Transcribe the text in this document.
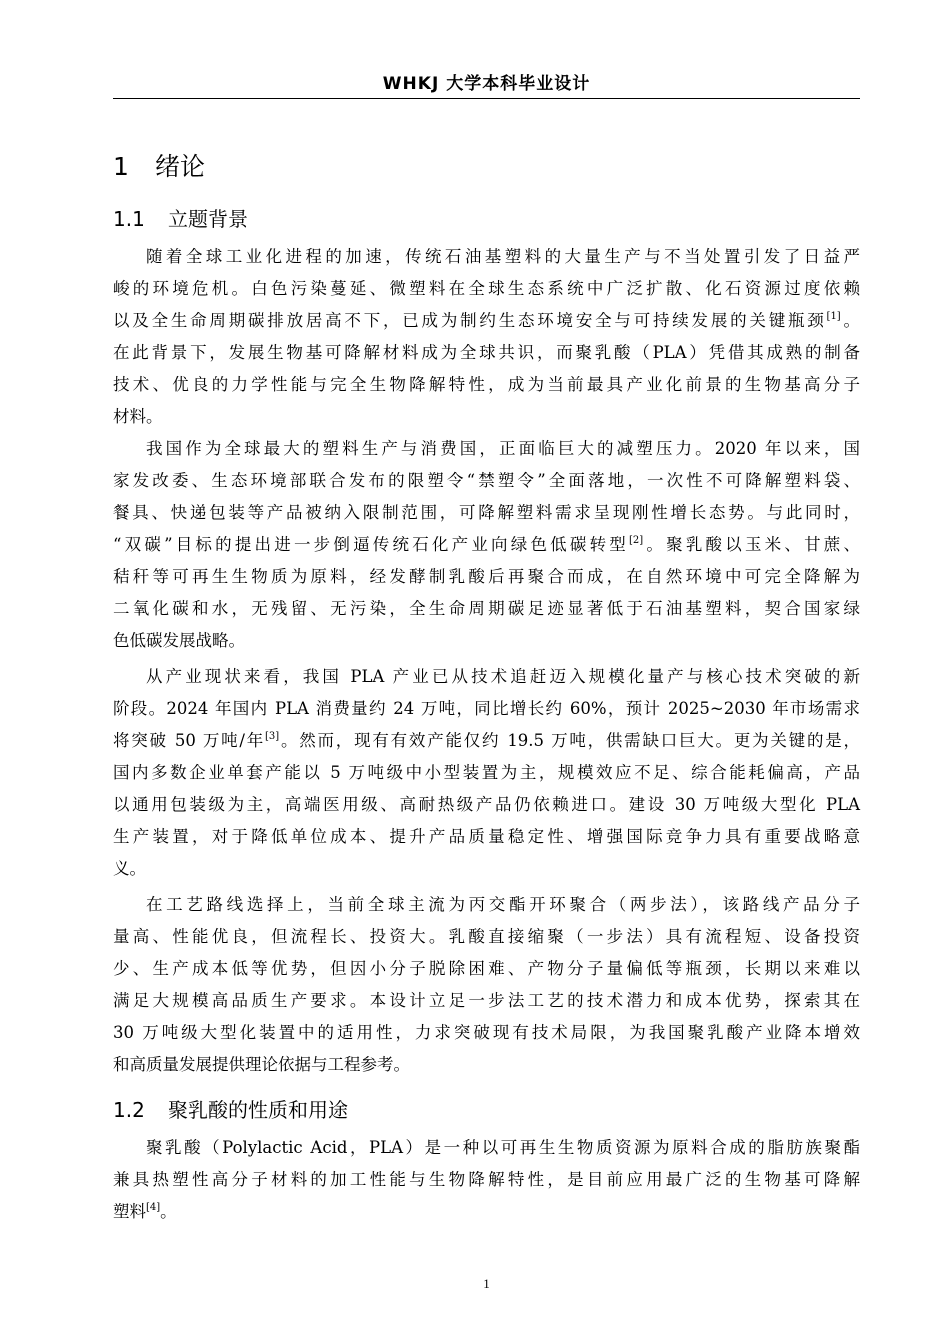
WHKJ 大学本科毕业设计
1 绪论
1.1 立题背景

随着全球工业化进程的加速，传统石油基塑料的大量生产与不当处置引发了日益严
峻的环境危机。白色污染蔓延、微塑料在全球生态系统中广泛扩散、化石资源过度依赖
以及全生命周期碳排放居高不下，已成为制约生态环境安全与可持续发展的关键瓶颈[1]。
在此背景下，发展生物基可降解材料成为全球共识，而聚乳酸（PLA）凭借其成熟的制备
技术、优良的力学性能与完全生物降解特性，成为当前最具产业化前景的生物基高分子
材料。

我国作为全球最大的塑料生产与消费国，正面临巨大的减塑压力。2020 年以来，国
家发改委、生态环境部联合发布的限塑令“禁塑令”全面落地，一次性不可降解塑料袋、
餐具、快递包装等产品被纳入限制范围，可降解塑料需求呈现刚性增长态势。与此同时，
“双碳”目标的提出进一步倒逼传统石化产业向绿色低碳转型[2]。聚乳酸以玉米、甘蔗、
秸秆等可再生生物质为原料，经发酵制乳酸后再聚合而成，在自然环境中可完全降解为
二氧化碳和水，无残留、无污染，全生命周期碳足迹显著低于石油基塑料，契合国家绿
色低碳发展战略。

从产业现状来看，我国 PLA 产业已从技术追赶迈入规模化量产与核心技术突破的新
阶段。2024 年国内 PLA 消费量约 24 万吨，同比增长约 60%，预计 2025~2030 年市场需求
将突破 50 万吨/年[3]。然而，现有有效产能仅约 19.5 万吨，供需缺口巨大。更为关键的是，
国内多数企业单套产能以 5 万吨级中小型装置为主，规模效应不足、综合能耗偏高，产品
以通用包装级为主，高端医用级、高耐热级产品仍依赖进口。建设 30 万吨级大型化 PLA
生产装置，对于降低单位成本、提升产品质量稳定性、增强国际竞争力具有重要战略意
义。

在工艺路线选择上，当前全球主流为丙交酯开环聚合（两步法），该路线产品分子
量高、性能优良，但流程长、投资大。乳酸直接缩聚（一步法）具有流程短、设备投资
少、生产成本低等优势，但因小分子脱除困难、产物分子量偏低等瓶颈，长期以来难以
满足大规模高品质生产要求。本设计立足一步法工艺的技术潜力和成本优势，探索其在
30 万吨级大型化装置中的适用性，力求突破现有技术局限，为我国聚乳酸产业降本增效
和高质量发展提供理论依据与工程参考。

1.2 聚乳酸的性质和用途

聚乳酸（Polylactic Acid，PLA）是一种以可再生生物质资源为原料合成的脂肪族聚酯
兼具热塑性高分子材料的加工性能与生物降解特性，是目前应用最广泛的生物基可降解
塑料[4]。

1
